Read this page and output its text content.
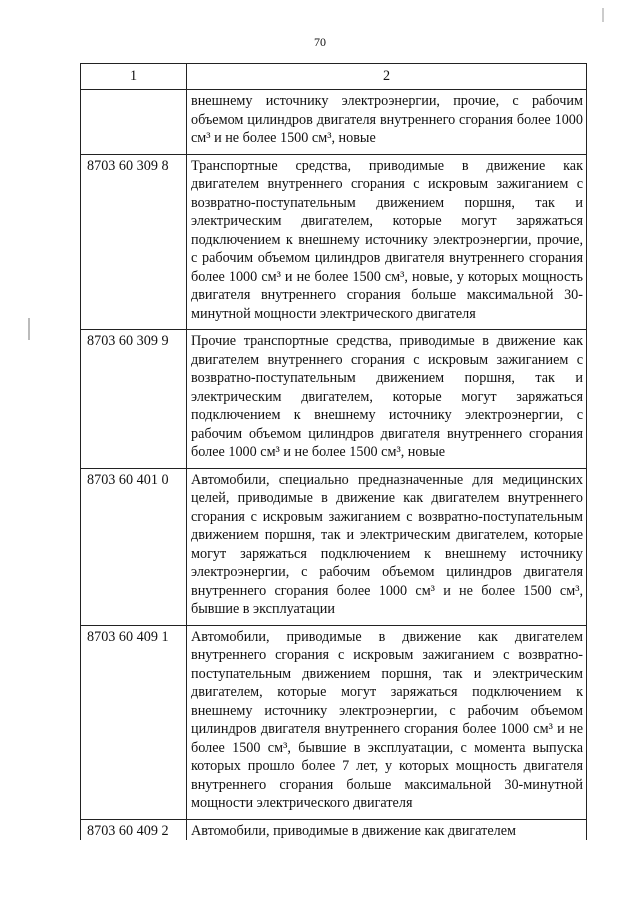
70
1	2
	внешнему источнику электроэнергии, прочие, с рабочим объемом цилиндров двигателя внутреннего сгорания более 1000 см³ и не более 1500 см³, новые
8703 60 309 8	Транспортные средства, приводимые в движение как двигателем внутреннего сгорания с искровым зажиганием с возвратно-поступательным движением поршня, так и электрическим двигателем, которые могут заряжаться подключением к внешнему источнику электроэнергии, прочие, с рабочим объемом цилиндров двигателя внутреннего сгорания более 1000 см³ и не более 1500 см³, новые, у которых мощность двигателя внутреннего сгорания больше максимальной 30-минутной мощности электрического двигателя
8703 60 309 9	Прочие транспортные средства, приводимые в движение как двигателем внутреннего сгорания с искровым зажиганием с возвратно-поступательным движением поршня, так и электрическим двигателем, которые могут заряжаться подключением к внешнему источнику электроэнергии, с рабочим объемом цилиндров двигателя внутреннего сгорания более 1000 см³ и не более 1500 см³, новые
8703 60 401 0	Автомобили, специально предназначенные для медицинских целей, приводимые в движение как двигателем внутреннего сгорания с искровым зажиганием с возвратно-поступательным движением поршня, так и электрическим двигателем, которые могут заряжаться подключением к внешнему источнику электроэнергии, с рабочим объемом цилиндров двигателя внутреннего сгорания более 1000 см³ и не более 1500 см³, бывшие в эксплуатации
8703 60 409 1	Автомобили, приводимые в движение как двигателем внутреннего сгорания с искровым зажиганием с возвратно-поступательным движением поршня, так и электрическим двигателем, которые могут заряжаться подключением к внешнему источнику электроэнергии, с рабочим объемом цилиндров двигателя внутреннего сгорания более 1000 см³ и не более 1500 см³, бывшие в эксплуатации, с момента выпуска которых прошло более 7 лет, у которых мощность двигателя внутреннего сгорания больше максимальной 30-минутной мощности электрического двигателя
8703 60 409 2	Автомобили, приводимые в движение как двигателем
